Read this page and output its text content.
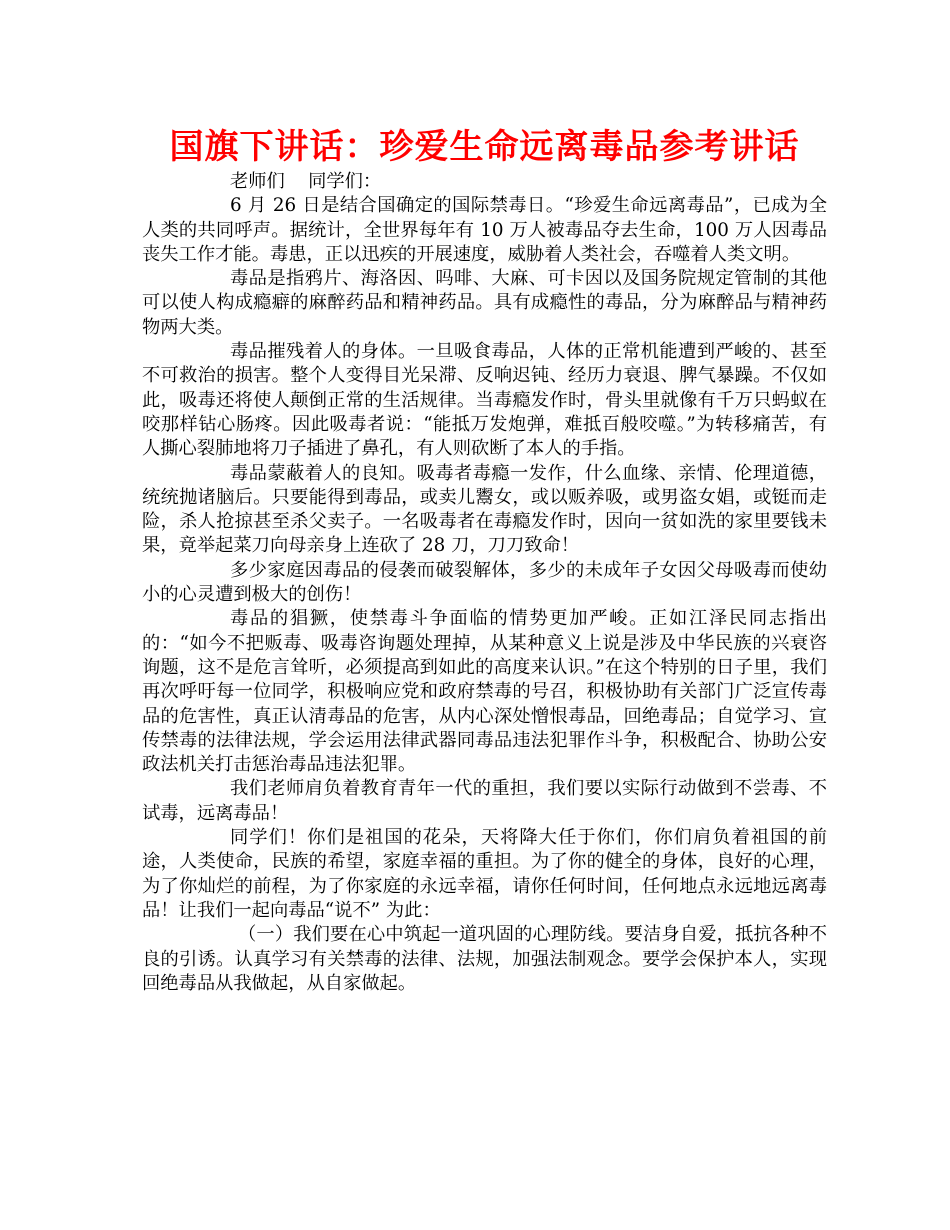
国旗下讲话：珍爱生命远离毒品参考讲话

老师们    同学们：

6 月 26 日是结合国确定的国际禁毒日。“珍爱生命远离毒品”，已成为全人类的共同呼声。据统计，全世界每年有 10 万人被毒品夺去生命，100 万人因毒品丧失工作才能。毒患，正以迅疾的开展速度，威胁着人类社会，吞噬着人类文明。

毒品是指鸦片、海洛因、吗啡、大麻、可卡因以及国务院规定管制的其他可以使人构成瘾癖的麻醉药品和精神药品。具有成瘾性的毒品，分为麻醉品与精神药物两大类。

毒品摧残着人的身体。一旦吸食毒品，人体的正常机能遭到严峻的、甚至不可救治的损害。整个人变得目光呆滞、反响迟钝、经历力衰退、脾气暴躁。不仅如此，吸毒还将使人颠倒正常的生活规律。当毒瘾发作时，骨头里就像有千万只蚂蚁在咬那样钻心肠疼。因此吸毒者说：“能抵万发炮弹，难抵百般咬噬。”为转移痛苦，有人撕心裂肺地将刀子插进了鼻孔，有人则砍断了本人的手指。

毒品蒙蔽着人的良知。吸毒者毒瘾一发作，什么血缘、亲情、伦理道德，统统抛诸脑后。只要能得到毒品，或卖儿鬻女，或以贩养吸，或男盗女娼，或铤而走险，杀人抢掠甚至杀父卖子。一名吸毒者在毒瘾发作时，因向一贫如洗的家里要钱未果，竟举起菜刀向母亲身上连砍了 28 刀，刀刀致命！

多少家庭因毒品的侵袭而破裂解体，多少的未成年子女因父母吸毒而使幼小的心灵遭到极大的创伤！

毒品的猖獗，使禁毒斗争面临的情势更加严峻。正如江泽民同志指出的：“如今不把贩毒、吸毒咨询题处理掉，从某种意义上说是涉及中华民族的兴衰咨询题，这不是危言耸听，必须提高到如此的高度来认识。”在这个特别的日子里，我们再次呼吁每一位同学，积极响应党和政府禁毒的号召，积极协助有关部门广泛宣传毒品的危害性，真正认清毒品的危害，从内心深处憎恨毒品，回绝毒品；自觉学习、宣传禁毒的法律法规，学会运用法律武器同毒品违法犯罪作斗争，积极配合、协助公安政法机关打击惩治毒品违法犯罪。

我们老师肩负着教育青年一代的重担，我们要以实际行动做到不尝毒、不试毒，远离毒品！

同学们！你们是祖国的花朵，天将降大任于你们，你们肩负着祖国的前途，人类使命，民族的希望，家庭幸福的重担。为了你的健全的身体，良好的心理，为了你灿烂的前程，为了你家庭的永远幸福，请你任何时间，任何地点永远地远离毒品！让我们一起向毒品“说不” 为此：

（一）我们要在心中筑起一道巩固的心理防线。要洁身自爱，抵抗各种不良的引诱。认真学习有关禁毒的法律、法规，加强法制观念。要学会保护本人，实现回绝毒品从我做起，从自家做起。
